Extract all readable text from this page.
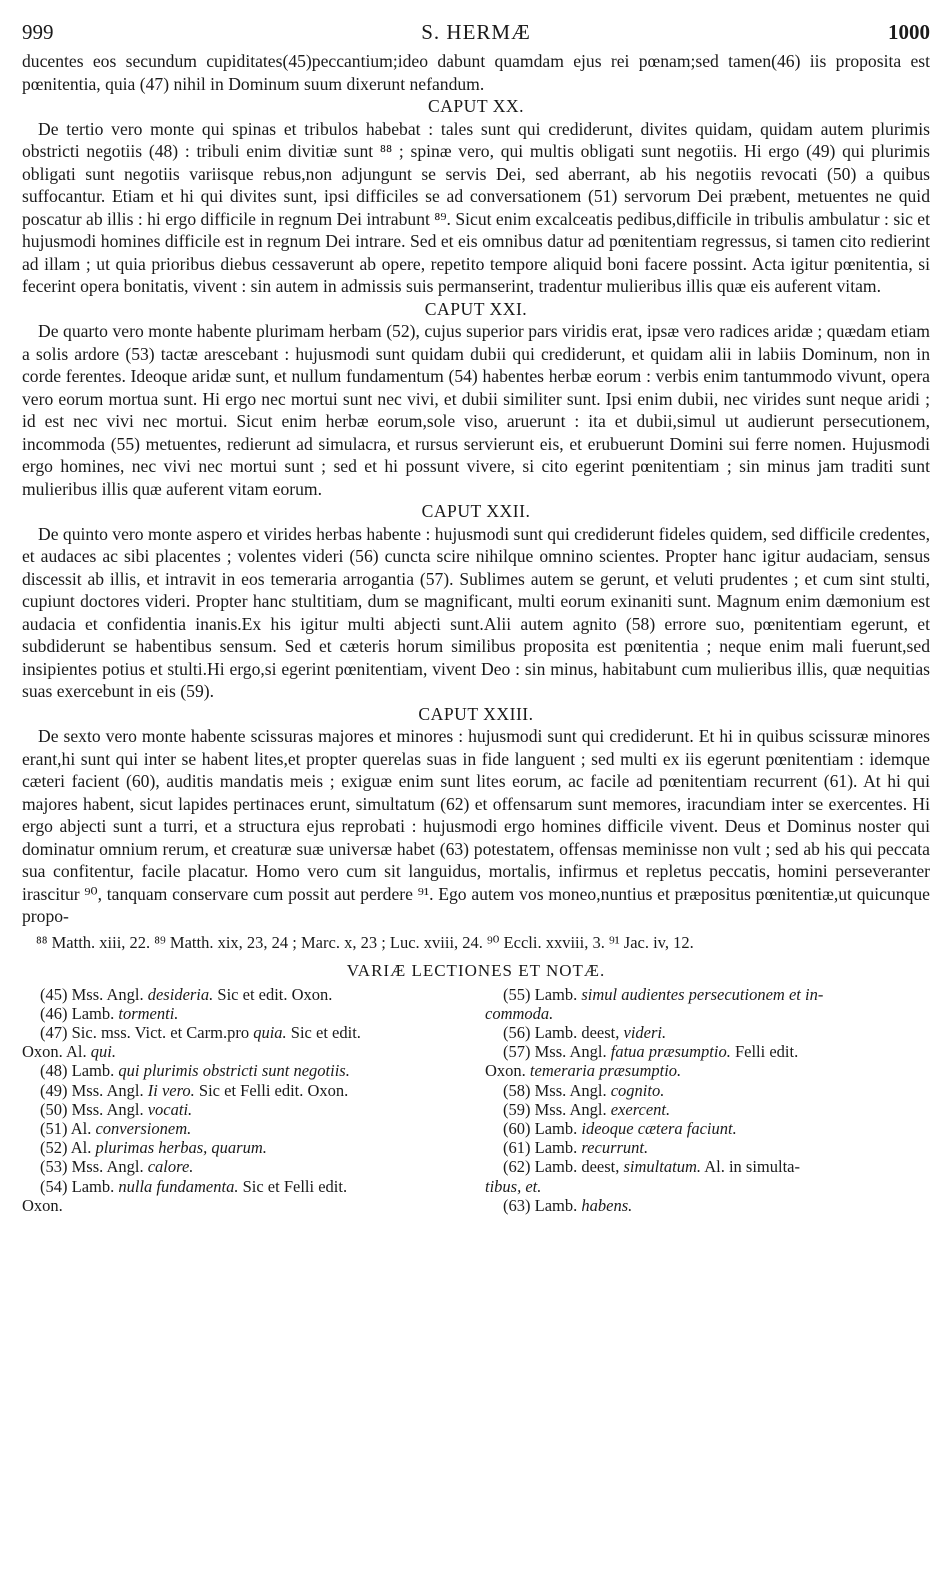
999	S. HERMÆ	1000

ducentes eos secundum cupiditates(45)peccantium;ideo dabunt quamdam ejus rei pœnam;sed tamen(46) iis proposita est pœnitentia, quia (47) nihil in Dominum suum dixerunt nefandum.

CAPUT XX.

De tertio vero monte qui spinas et tribulos habebat : tales sunt qui crediderunt, divites quidam, quidam autem plurimis obstricti negotiis (48) : tribuli enim divitiæ sunt ⁸⁸ ; spinæ vero, qui multis obligati sunt negotiis. Hi ergo (49) qui plurimis obligati sunt negotiis variisque rebus,non adjungunt se servis Dei, sed aberrant, ab his negotiis revocati (50) a quibus suffocantur. Etiam et hi qui divites sunt, ipsi difficiles se ad conversationem (51) servorum Dei præbent, metuentes ne quid poscatur ab illis : hi ergo difficile in regnum Dei intrabunt ⁸⁹. Sicut enim excalceatis pedibus,difficile in tribulis ambulatur : sic et hujusmodi homines difficile est in regnum Dei intrare. Sed et eis omnibus datur ad pœnitentiam regressus, si tamen cito redierint ad illam ; ut quia prioribus diebus cessaverunt ab opere, repetito tempore aliquid boni facere possint. Acta igitur pœnitentia, si fecerint opera bonitatis, vivent : sin autem in admissis suis permanserint, tradentur mulieribus illis quæ eis auferent vitam.

CAPUT XXI.

De quarto vero monte habente plurimam herbam (52), cujus superior pars viridis erat, ipsæ vero radices aridæ ; quædam etiam a solis ardore (53) tactæ arescebant : hujusmodi sunt quidam dubii qui crediderunt, et quidam alii in labiis Dominum, non in corde ferentes. Ideoque aridæ sunt, et nullum fundamentum (54) habentes herbæ eorum : verbis enim tantummodo vivunt, opera vero eorum mortua sunt. Hi ergo nec mortui sunt nec vivi, et dubii similiter sunt. Ipsi enim dubii, nec virides sunt neque aridi ; id est nec vivi nec mortui. Sicut enim herbæ eorum,sole viso, aruerunt : ita et dubii,simul ut audierunt persecutionem, incommoda (55) metuentes, redierunt ad simulacra, et rursus servierunt eis, et erubuerunt Domini sui ferre nomen. Hujusmodi ergo homines, nec vivi nec mortui sunt ; sed et hi possunt vivere, si cito egerint pœnitentiam ; sin minus jam traditi sunt mulieribus illis quæ auferent vitam eorum.

CAPUT XXII.

De quinto vero monte aspero et virides herbas habente : hujusmodi sunt qui crediderunt fideles quidem, sed difficile credentes, et audaces ac sibi placentes ; volentes videri (56) cuncta scire nihilque omnino scientes. Propter hanc igitur audaciam, sensus discessit ab illis, et intravit in eos temeraria arrogantia (57). Sublimes autem se gerunt, et veluti prudentes ; et cum sint stulti, cupiunt doctores videri. Propter hanc stultitiam, dum se magnificant, multi eorum exinaniti sunt. Magnum enim dæmonium est audacia et confidentia inanis.Ex his igitur multi abjecti sunt.Alii autem agnito (58) errore suo, pœnitentiam egerunt, et subdiderunt se habentibus sensum. Sed et cæteris horum similibus proposita est pœnitentia ; neque enim mali fuerunt,sed insipientes potius et stulti.Hi ergo,si egerint pœnitentiam, vivent Deo : sin minus, habitabunt cum mulieribus illis, quæ nequitias suas exercebunt in eis (59).

CAPUT XXIII.

De sexto vero monte habente scissuras majores et minores : hujusmodi sunt qui crediderunt. Et hi in quibus scissuræ minores erant,hi sunt qui inter se habent lites,et propter querelas suas in fide languent ; sed multi ex iis egerunt pœnitentiam : idemque cæteri facient (60), auditis mandatis meis ; exiguæ enim sunt lites eorum, ac facile ad pœnitentiam recurrent (61). At hi qui majores habent, sicut lapides pertinaces erunt, simultatum (62) et offensarum sunt memores, iracundiam inter se exercentes. Hi ergo abjecti sunt a turri, et a structura ejus reprobati : hujusmodi ergo homines difficile vivent. Deus et Dominus noster qui dominatur omnium rerum, et creaturæ suæ universæ habet (63) potestatem, offensas meminisse non vult ; sed ab his qui peccata sua confitentur, facile placatur. Homo vero cum sit languidus, mortalis, infirmus et repletus peccatis, homini perseveranter irascitur ⁹⁰, tanquam conservare cum possit aut perdere ⁹¹. Ego autem vos moneo,nuntius et præpositus pœnitentiæ,ut quicunque propo-

⁸⁸ Matth. xiii, 22. ⁸⁹ Matth. xix, 23, 24 ; Marc. x, 23 ; Luc. xviii, 24. ⁹⁰ Eccli. xxviii, 3. ⁹¹ Jac. iv, 12.
VARIÆ LECTIONES ET NOTÆ.
(45) Mss. Angl. desideria. Sic et edit. Oxon.
(46) Lamb. tormenti.
(47) Sic. mss. Vict. et Carm.pro quia. Sic et edit.
Oxon. Al. qui.
(48) Lamb. qui plurimis obstricti sunt negotiis.
(49) Mss. Angl. Ii vero. Sic et Felli edit. Oxon.
(50) Mss. Angl. vocati.
(51) Al. conversionem.
(52) Al. plurimas herbas, quarum.
(53) Mss. Angl. calore.
(54) Lamb. nulla fundamenta. Sic et Felli edit.
Oxon.
(55) Lamb. simul audientes persecutionem et in-
commoda.
(56) Lamb. deest, videri.
(57) Mss. Angl. fatua præsumptio. Felli edit.
Oxon. temeraria præsumptio.
(58) Mss. Angl. cognito.
(59) Mss. Angl. exercent.
(60) Lamb. ideoque cætera faciunt.
(61) Lamb. recurrunt.
(62) Lamb. deest, simultatum. Al. in simulta-
tibus, et.
(63) Lamb. habens.
